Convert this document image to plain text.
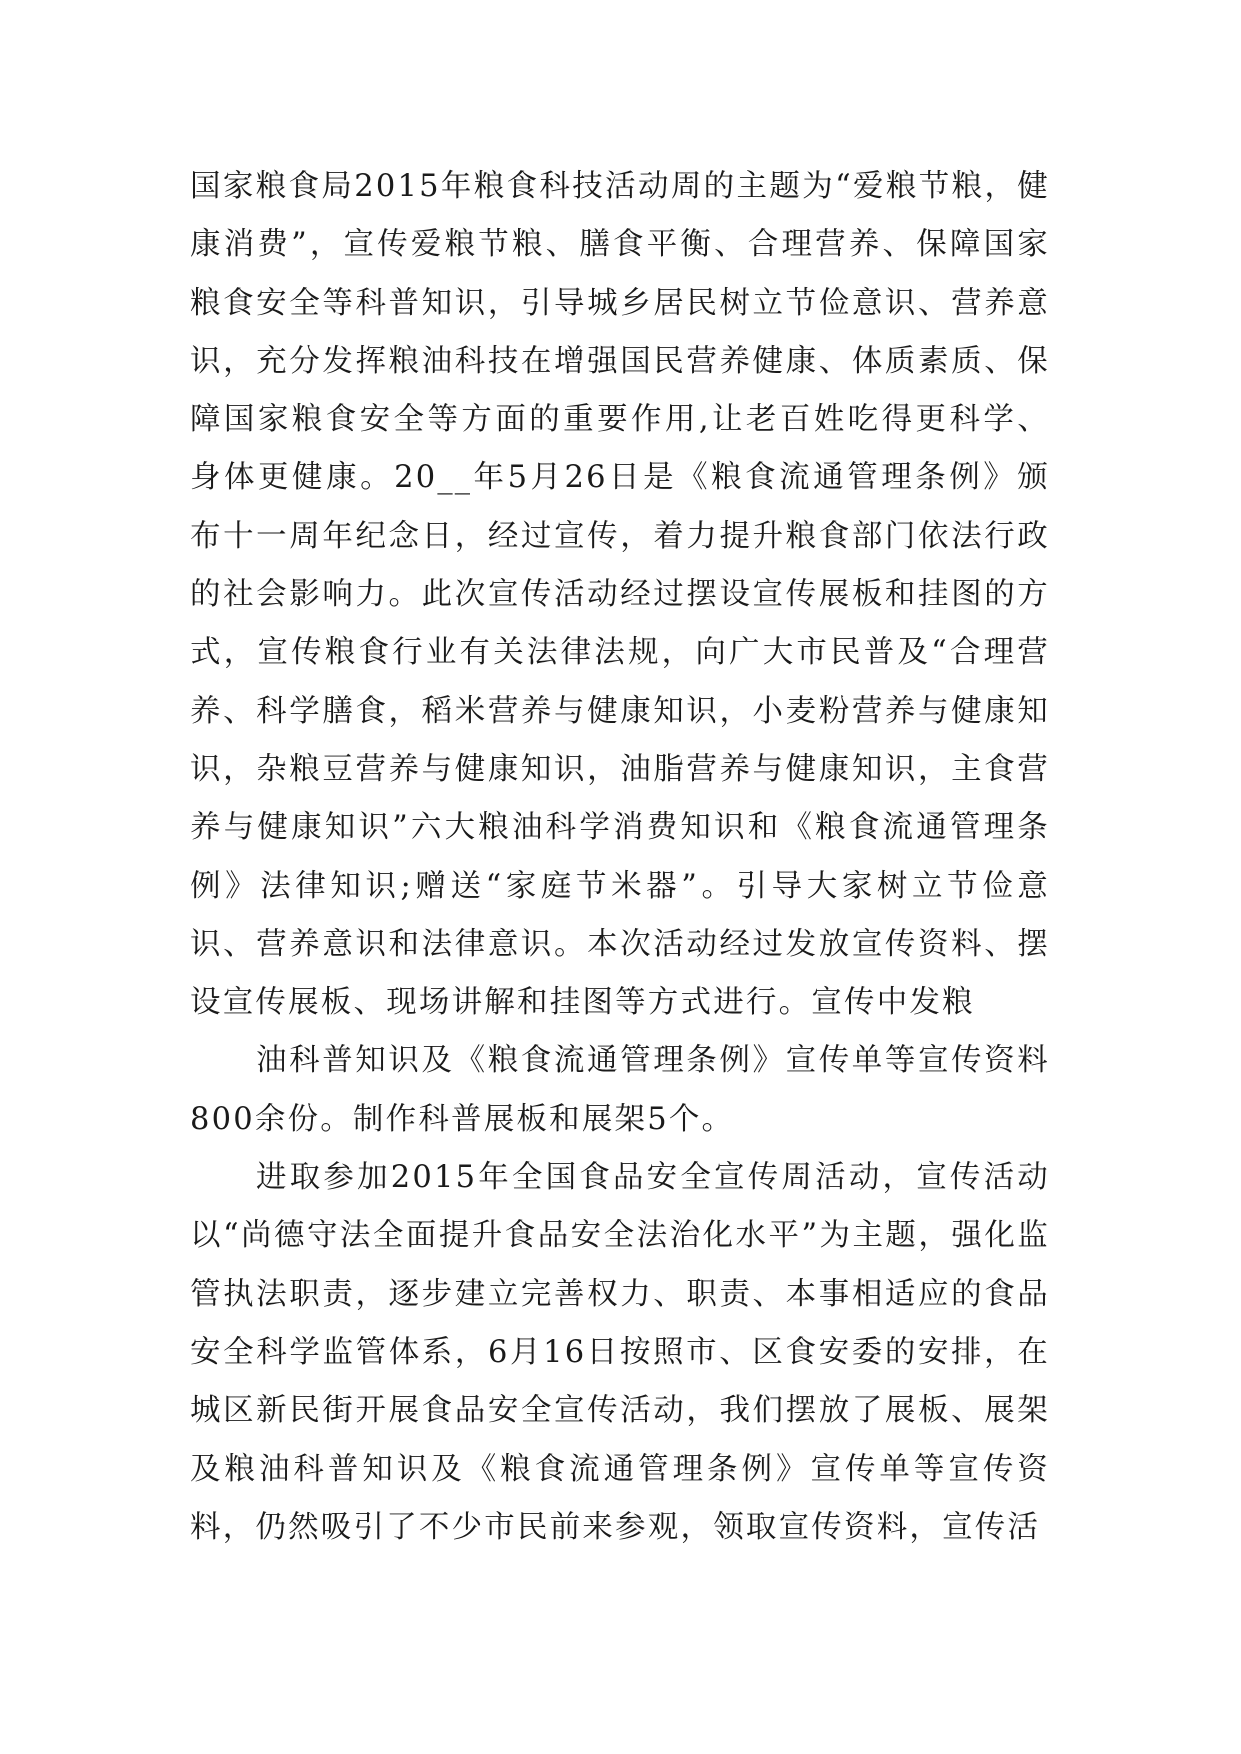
国家粮食局2015年粮食科技活动周的主题为“爱粮节粮，健康消费”，宣传爱粮节粮、膳食平衡、合理营养、保障国家粮食安全等科普知识，引导城乡居民树立节俭意识、营养意识，充分发挥粮油科技在增强国民营养健康、体质素质、保障国家粮食安全等方面的重要作用,让老百姓吃得更科学、身体更健康。20__年5月26日是《粮食流通管理条例》颁布十一周年纪念日，经过宣传，着力提升粮食部门依法行政的社会影响力。此次宣传活动经过摆设宣传展板和挂图的方式，宣传粮食行业有关法律法规，向广大市民普及“合理营养、科学膳食，稻米营养与健康知识，小麦粉营养与健康知识，杂粮豆营养与健康知识，油脂营养与健康知识，主食营养与健康知识”六大粮油科学消费知识和《粮食流通管理条例》法律知识;赠送“家庭节米器”。引导大家树立节俭意识、营养意识和法律意识。本次活动经过发放宣传资料、摆设宣传展板、现场讲解和挂图等方式进行。宣传中发粮

油科普知识及《粮食流通管理条例》宣传单等宣传资料800余份。制作科普展板和展架5个。

进取参加2015年全国食品安全宣传周活动，宣传活动以“尚德守法全面提升食品安全法治化水平”为主题，强化监管执法职责，逐步建立完善权力、职责、本事相适应的食品安全科学监管体系，6月16日按照市、区食安委的安排，在城区新民街开展食品安全宣传活动，我们摆放了展板、展架及粮油科普知识及《粮食流通管理条例》宣传单等宣传资料，仍然吸引了不少市民前来参观，领取宣传资料，宣传活
